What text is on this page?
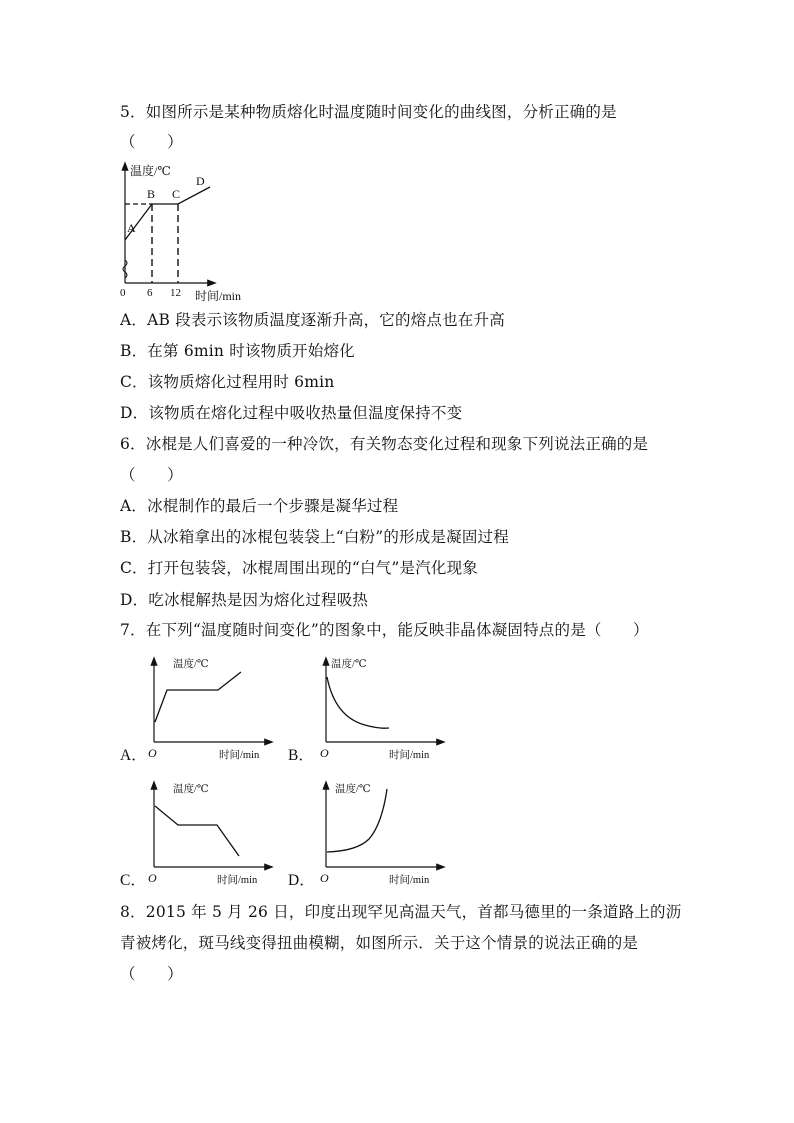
5．如图所示是某种物质熔化时温度随时间变化的曲线图，分析正确的是
（　　）
温度/℃
B C
D
A
0 6 12 时间/min
A．AB 段表示该物质温度逐渐升高，它的熔点也在升高
B．在第 6min 时该物质开始熔化
C．该物质熔化过程用时 6min
D．该物质在熔化过程中吸收热量但温度保持不变
6．冰棍是人们喜爱的一种冷饮，有关物态变化过程和现象下列说法正确的是
（　　）
A．冰棍制作的最后一个步骤是凝华过程
B．从冰箱拿出的冰棍包装袋上“白粉”的形成是凝固过程
C．打开包装袋，冰棍周围出现的“白气”是汽化现象
D．吃冰棍解热是因为熔化过程吸热
7．在下列“温度随时间变化”的图象中，能反映非晶体凝固特点的是（　　）
A．
温度/℃
O	时间/min B．
温度/℃
O	时间/min
C．
温度/℃
O	时间/min D．
温度/℃
O	时间/min
8．2015 年 5 月 26 日，印度出现罕见高温天气，首都马德里的一条道路上的沥
青被烤化，斑马线变得扭曲模糊，如图所示．关于这个情景的说法正确的是
（　　）
